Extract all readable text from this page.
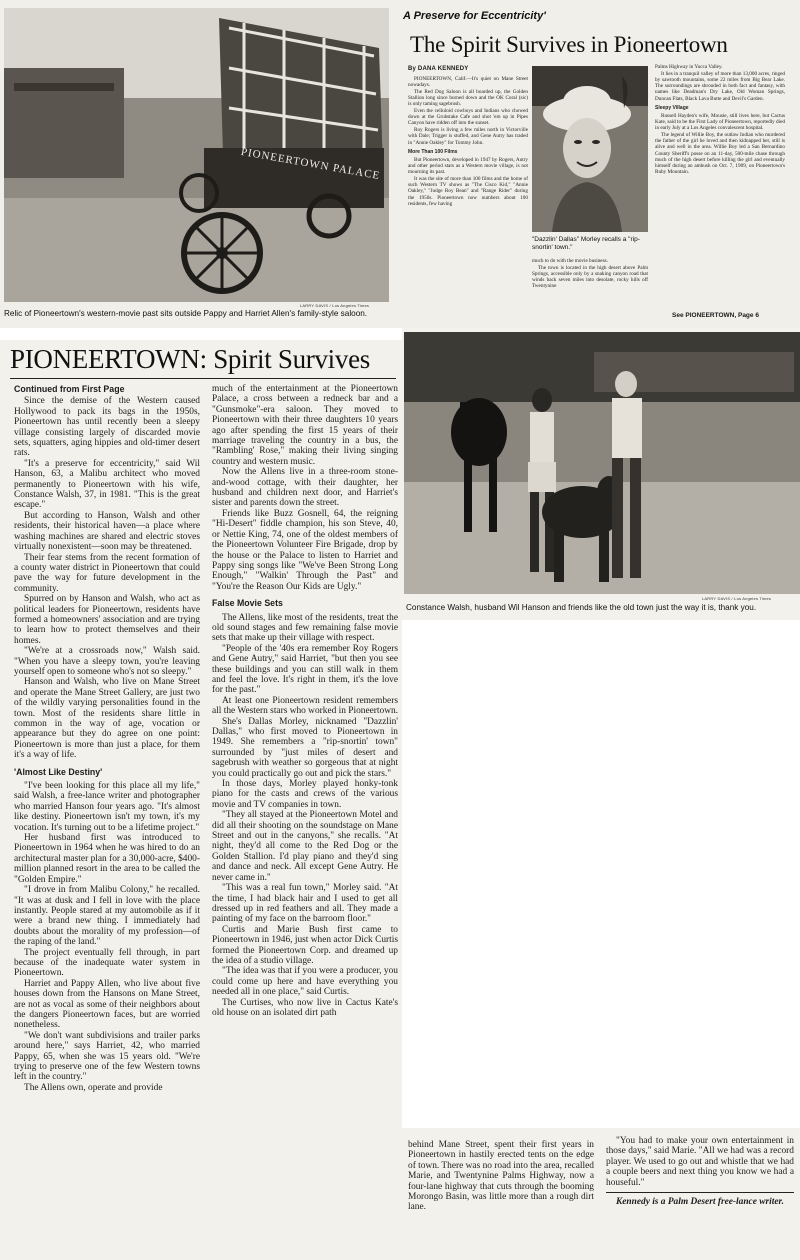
PIONEERTOWN PALACE
LARRY DAVIS / Los Angeles Times
Relic of Pioneertown's western-movie past sits outside Pappy and Harriet Allen's family-style saloon.
A Preserve for Eccentricity'
The Spirit Survives in Pioneertown
By DANA KENNEDY

PIONEERTOWN, Calif.—It's quiet on Mane Street nowadays.

The Red Dog Saloon is all boarded up, the Golden Stallion long since burned down and the OK Coral (sic) is only taming sagebrush.

Even the celluloid cowboys and Indians who chowed down at the Grubstake Cafe and shot 'em up in Pipes Canyon have ridden off into the sunset.

Roy Rogers is living a few miles north in Victorville with Dale; Trigger is stuffed, and Gene Autry has traded in "Annie Oakley" for Tommy John.

More Than 100 Films

But Pioneertown, developed in 1947 by Rogers, Autry and other period stars as a Western movie village, is not mourning its past.

It was the site of more than 100 films and the home of such Western TV shows as "The Cisco Kid," "Annie Oakley," "Judge Roy Bean" and "Range Rider" during the 1950s. Pioneertown now numbers about 100 residents, few having

"Dazzlin' Dallas" Morley recalls a "rip-snortin' town."

much to do with the movie business.

The town is located in the high desert above Palm Springs, accessible only by a snaking canyon road that winds back seven miles into desolate, rocky hills off Twentynine

Palms Highway in Yucca Valley.

It lies in a tranquil valley of more than 13,000 acres, ringed by sawtooth mountains, some 22 miles from Big Bear Lake. The surroundings are shrouded in both fact and fantasy, with names like Deadman's Dry Lake, Old Woman Springs, Duncan Flats, Black Lava Butte and Devil's Garden.

Sleepy Village

Russell Hayden's wife, Mousie, still lives here, but Cactus Kate, said to be the First Lady of Pioneertown, reportedly died in early July at a Los Angeles convalescent hospital.

The legend of Willie Boy, the outlaw Indian who murdered the father of the girl he loved and then kidnapped her, still is alive and well in the area. Willie Boy led a San Bernardino County Sheriff's posse on an 11-day, 500-mile chase through much of the high desert before killing the girl and eventually himself during an ambush on Oct. 7, 1909, on Pioneertown's Ruby Mountain.

See PIONEERTOWN, Page 6
PIONEERTOWN: Spirit Survives

Continued from First Page

Since the demise of the Western caused Hollywood to pack its bags in the 1950s, Pioneertown has until recently been a sleepy village consisting largely of discarded movie sets, squatters, aging hippies and old-timer desert rats.

"It's a preserve for eccentricity," said Wil Hanson, 63, a Malibu architect who moved permanently to Pioneertown with his wife, Constance Walsh, 37, in 1981. "This is the great escape."

But according to Hanson, Walsh and other residents, their historical haven—a place where washing machines are shared and electric stoves virtually nonexistent—soon may be threatened.

Their fear stems from the recent formation of a county water district in Pioneertown that could pave the way for future development in the community.

Spurred on by Hanson and Walsh, who act as political leaders for Pioneertown, residents have formed a homeowners' association and are trying to learn how to protect themselves and their homes.

"We're at a crossroads now," Walsh said. "When you have a sleepy town, you're leaving yourself open to someone who's not so sleepy."

Hanson and Walsh, who live on Mane Street and operate the Mane Street Gallery, are just two of the wildly varying personalities found in the town. Most of the residents share little in common in the way of age, vocation or appearance but they do agree on one point: Pioneertown is more than just a place, for them it's a way of life.

'Almost Like Destiny'

"I've been looking for this place all my life," said Walsh, a free-lance writer and photographer who married Hanson four years ago. "It's almost like destiny. Pioneertown isn't my town, it's my vocation. It's turning out to be a lifetime project."

Her husband first was introduced to Pioneertown in 1964 when he was hired to do an architectural master plan for a 30,000-acre, $400-million planned resort in the area to be called the "Golden Empire."

"I drove in from Malibu Colony," he recalled. "It was at dusk and I fell in love with the place instantly. People stared at my automobile as if it were a brand new thing. I immediately had doubts about the morality of my profession—of the raping of the land."

The project eventually fell through, in part because of the inadequate water system in Pioneertown.

Harriet and Pappy Allen, who live about five houses down from the Hansons on Mane Street, are not as vocal as some of their neighbors about the dangers Pioneertown faces, but are worried nonetheless.

"We don't want subdivisions and trailer parks around here," says Harriet, 42, who married Pappy, 65, when she was 15 years old. "We're trying to preserve one of the few Western towns left in the country."

The Allens own, operate and provide

much of the entertainment at the Pioneertown Palace, a cross between a redneck bar and a "Gunsmoke"-era saloon. They moved to Pioneertown with their three daughters 10 years ago after spending the first 15 years of their marriage traveling the country in a bus, the "Rambling' Rose," making their living singing country and western music.

Now the Allens live in a three-room stone-and-wood cottage, with their daughter, her husband and children next door, and Harriet's sister and parents down the street.

Friends like Buzz Gosnell, 64, the reigning "Hi-Desert" fiddle champion, his son Steve, 40, or Nettie King, 74, one of the oldest members of the Pioneertown Volunteer Fire Brigade, drop by the house or the Palace to listen to Harriet and Pappy sing songs like "We've Been Strong Long Enough," "Walkin' Through the Past" and "You're the Reason Our Kids are Ugly."

False Movie Sets

The Allens, like most of the residents, treat the old sound stages and few remaining false movie sets that make up their village with respect.

"People of the '40s era remember Roy Rogers and Gene Autry," said Harriet, "but then you see these buildings and you can still walk in them and feel the love. It's right in them, it's the love for the past."

At least one Pioneertown resident remembers all the Western stars who worked in Pioneertown.

She's Dallas Morley, nicknamed "Dazzlin' Dallas," who first moved to Pioneertown in 1949. She remembers a "rip-snortin' town" surrounded by "just miles of desert and sagebrush with weather so gorgeous that at night you could practically go out and pick the stars."

In those days, Morley played honky-tonk piano for the casts and crews of the various movie and TV companies in town.

"They all stayed at the Pioneertown Motel and did all their shooting on the soundstage on Mane Street and out in the canyons," she recalls. "At night, they'd all come to the Red Dog or the Golden Stallion. I'd play piano and they'd sing and dance and neck. All except Gene Autry. He never came in."

"This was a real fun town," Morley said. "At the time, I had black hair and I used to get all dressed up in red feathers and all. They made a painting of my face on the barroom floor."

Curtis and Marie Bush first came to Pioneertown in 1946, just when actor Dick Curtis formed the Pioneertown Corp. and dreamed up the idea of a studio village.

"The idea was that if you were a producer, you could come up here and have everything you needed all in one place," said Curtis.

The Curtises, who now live in Cactus Kate's old house on an isolated dirt path

LARRY DAVIS / Los Angeles Times
Constance Walsh, husband Wil Hanson and friends like the old town just the way it is, thank you.

behind Mane Street, spent their first years in Pioneertown in hastily erected tents on the edge of town. There was no road into the area, recalled Marie, and Twentynine Palms Highway, now a four-lane highway that cuts through the booming Morongo Basin, was little more than a rough dirt lane.

"You had to make your own entertainment in those days," said Marie. "All we had was a record player. We used to go out and whistle that we had a couple beers and next thing you know we had a houseful."

Kennedy is a Palm Desert free-lance writer.
